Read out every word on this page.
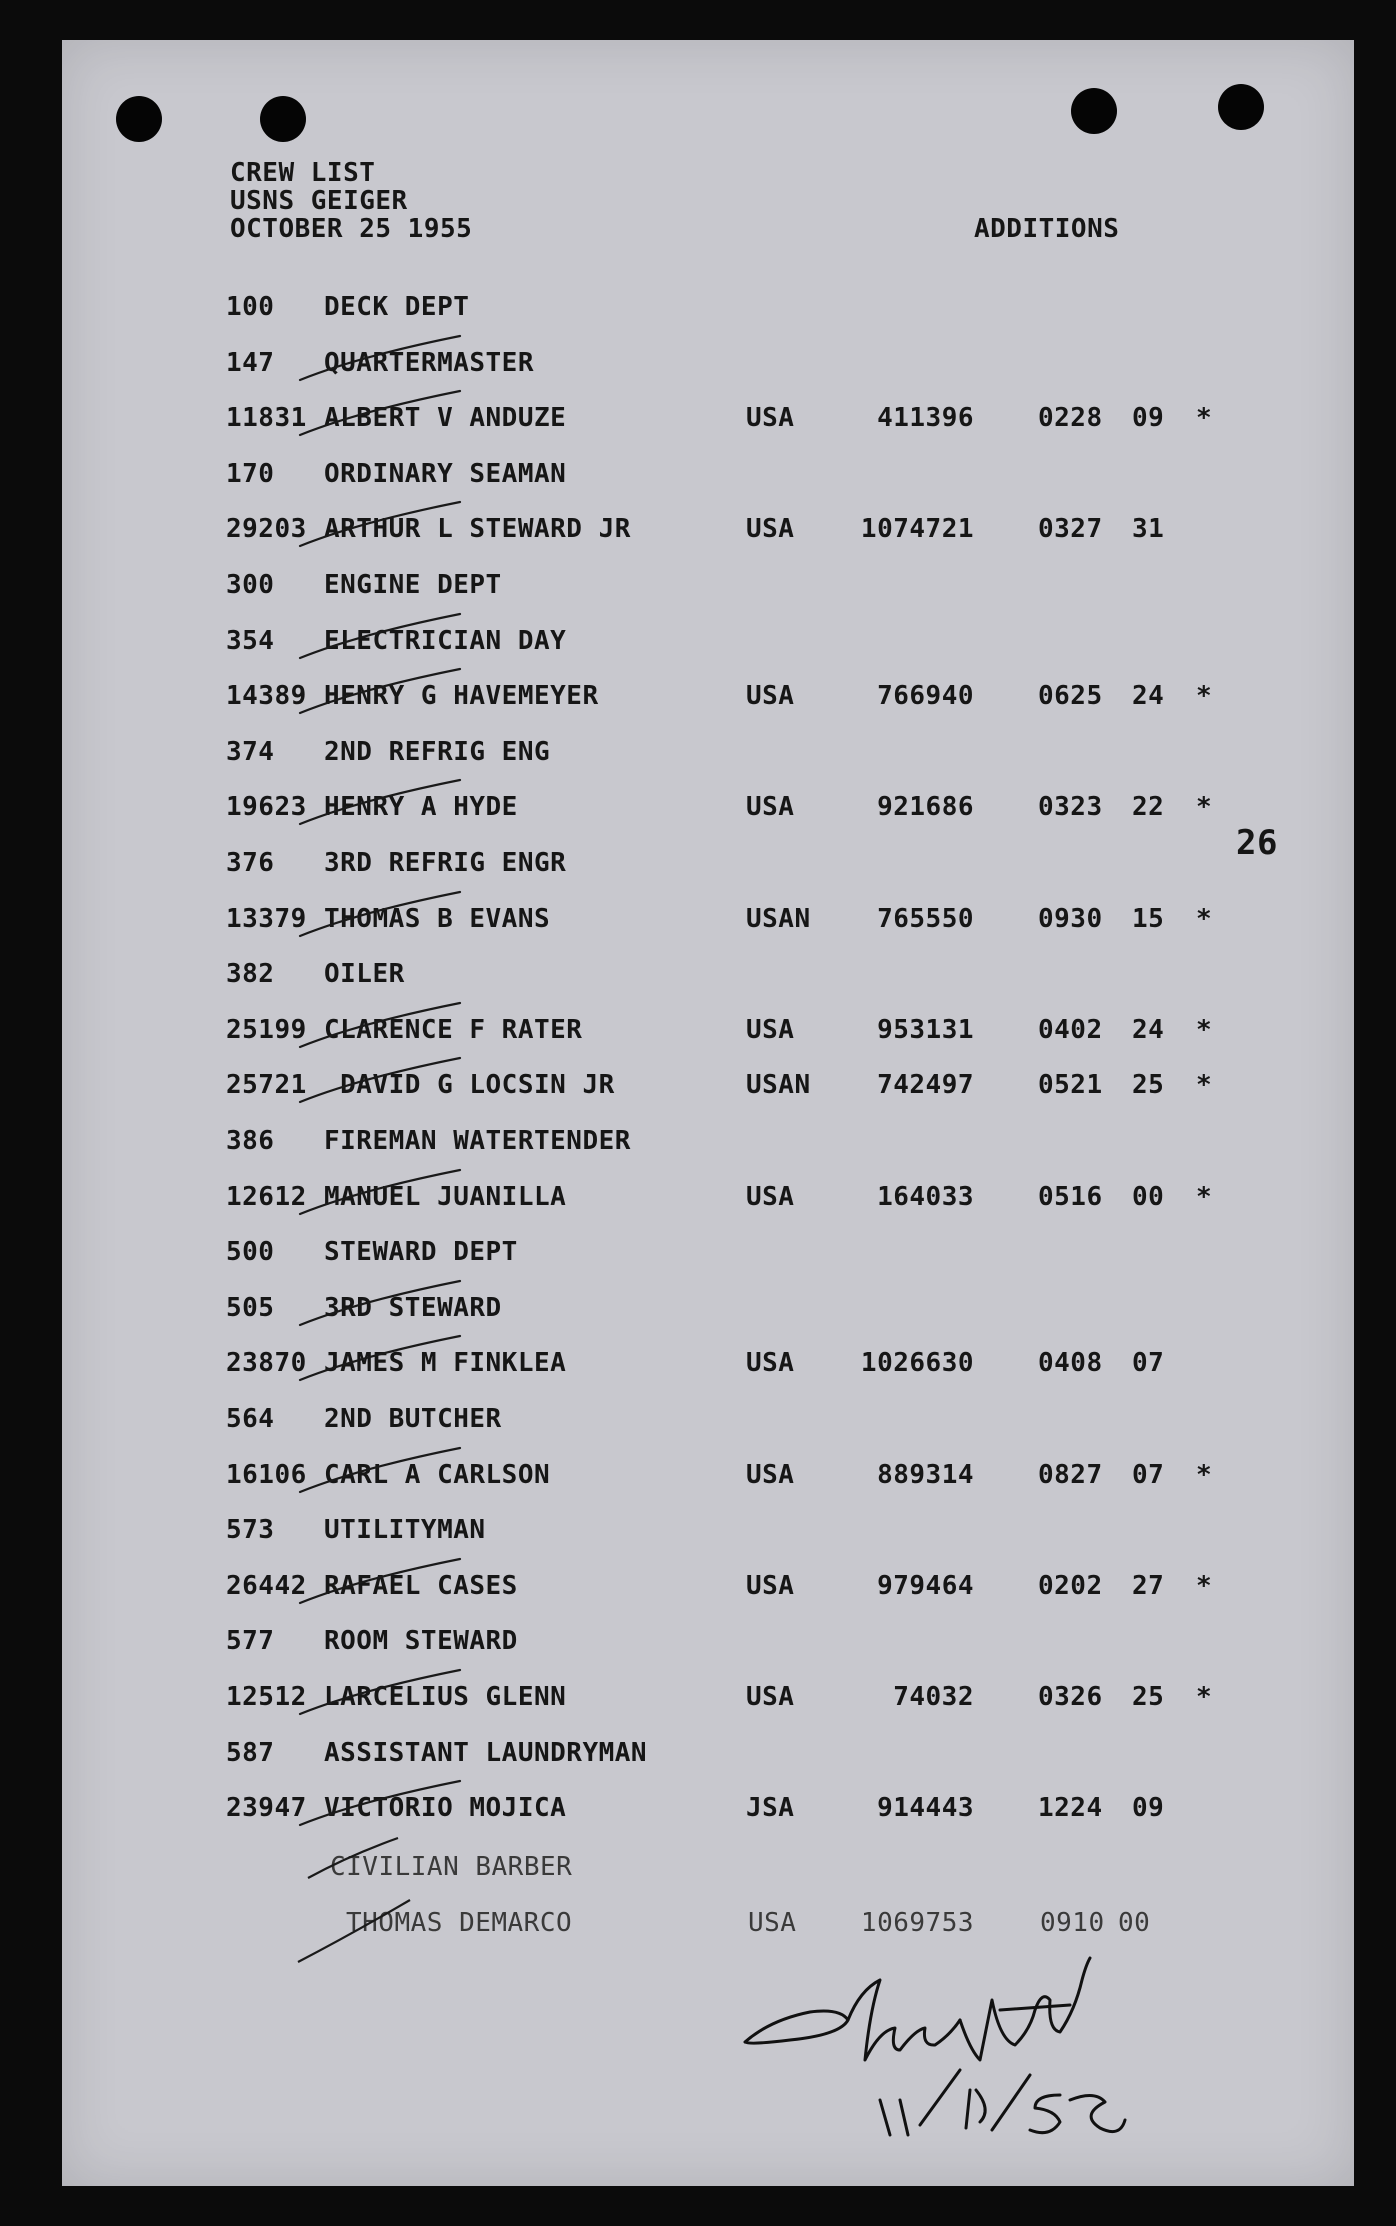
CREW LIST
USNS GEIGER
OCTOBER 25 1955	ADDITIONS
26
100 DECK DEPT
147 QUARTERMASTER
11831 ALBERT V ANDUZE	USA	411396 0228 09 *
170 ORDINARY SEAMAN
29203 ARTHUR L STEWARD JR	USA	1074721 0327 31
300 ENGINE DEPT
354 ELECTRICIAN DAY
14389 HENRY G HAVEMEYER	USA	766940 0625 24 *
374 2ND REFRIG ENG
19623 HENRY A HYDE	USA	921686 0323 22 *
376 3RD REFRIG ENGR
13379 THOMAS B EVANS	USAN	765550 0930 15 *
382 OILER
25199 CLARENCE F RATER	USA	953131 0402 24 *
25721 DAVID G LOCSIN JR	USAN	742497 0521 25 *
386 FIREMAN WATERTENDER
12612 MANUEL JUANILLA	USA	164033 0516 00 *
500 STEWARD DEPT
505 3RD STEWARD
23870 JAMES M FINKLEA	USA	1026630 0408 07
564 2ND BUTCHER
16106 CARL A CARLSON	USA	889314 0827 07 *
573 UTILITYMAN
26442 RAFAEL CASES	USA	979464 0202 27 *
577 ROOM STEWARD
12512 LARCELIUS GLENN	USA	74032 0326 25 *
587 ASSISTANT LAUNDRYMAN
23947 VICTORIO MOJICA	JSA	914443 1224 09
CIVILIAN BARBER
THOMAS DEMARCO	USA 1069753	0910 00
11/14/58
